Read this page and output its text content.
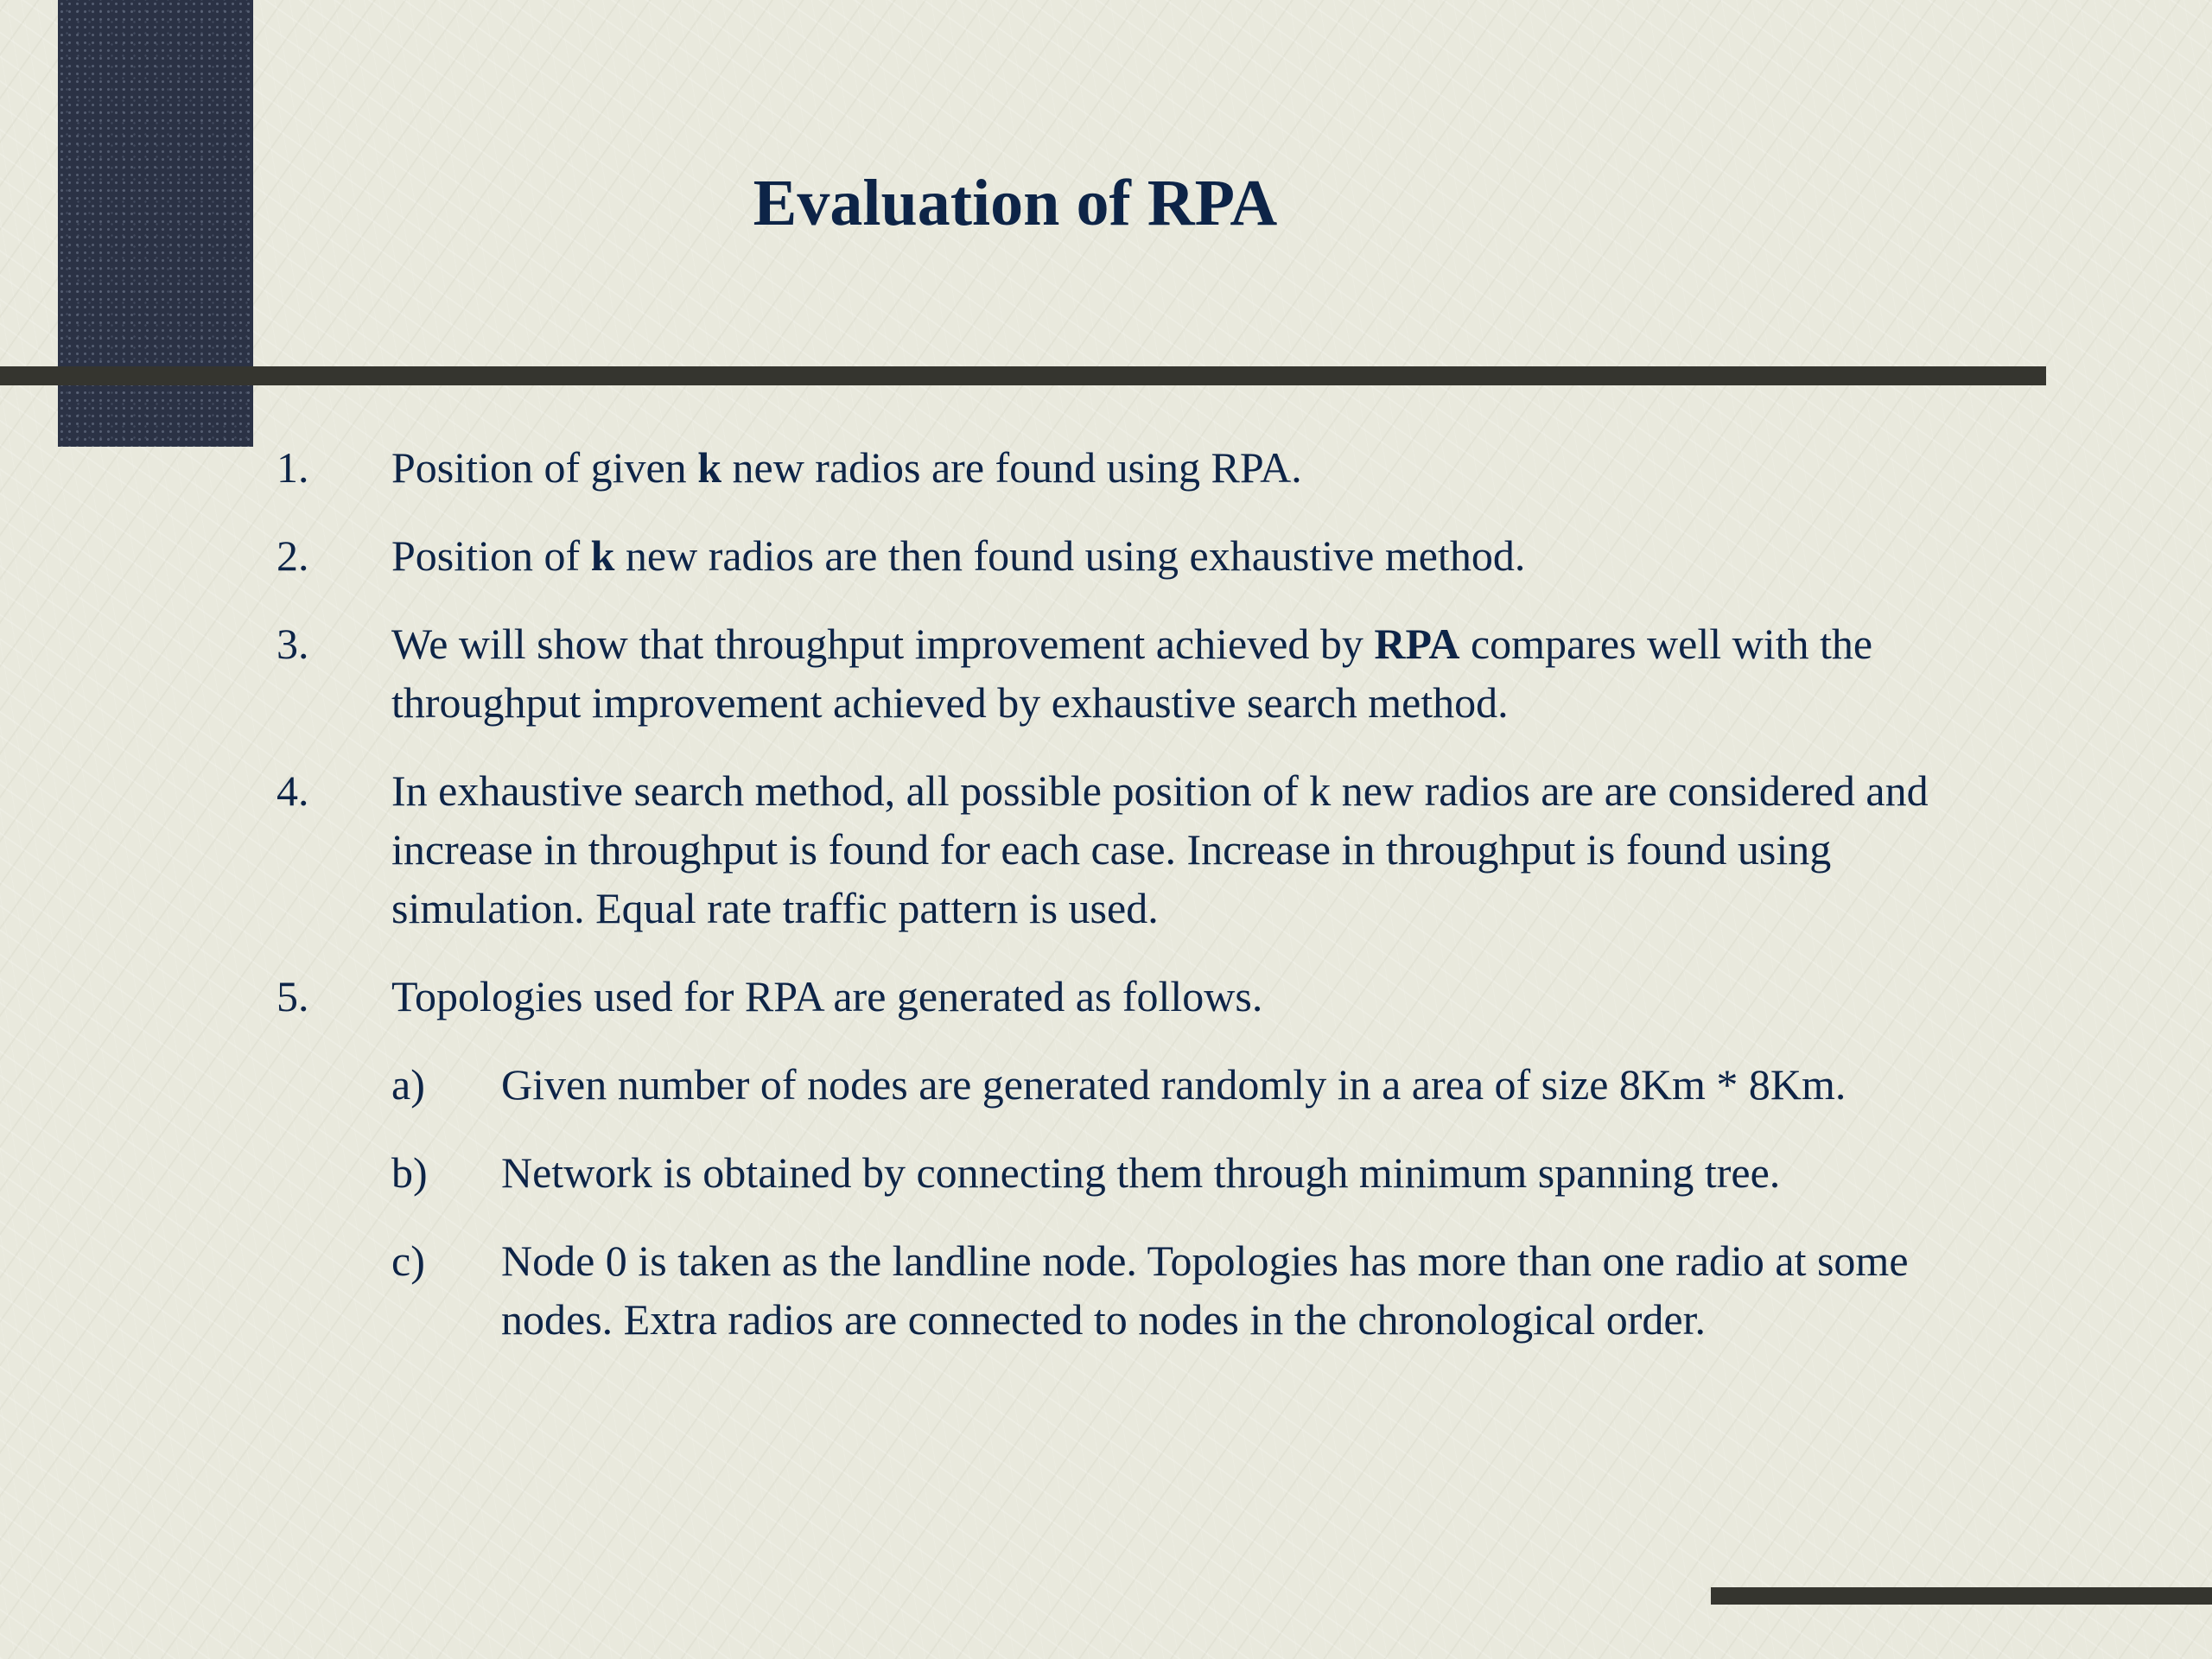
Evaluation of RPA
1. Position of given k new radios are found using RPA.
2. Position of k new radios are then found using exhaustive method.
3. We will show that throughput improvement achieved by RPA compares well with the throughput improvement achieved by exhaustive search method.
4. In exhaustive search method, all possible position of k new radios are are considered and increase in throughput is found for each case. Increase in throughput is found using simulation. Equal rate traffic pattern is used.
5. Topologies used for RPA are generated as follows.
a) Given number of nodes are generated randomly in a area of size 8Km * 8Km.
b) Network is obtained by connecting them through minimum spanning tree.
c) Node 0 is taken as the landline node. Topologies has more than one radio at some nodes. Extra radios are connected to nodes in the chronological order.
